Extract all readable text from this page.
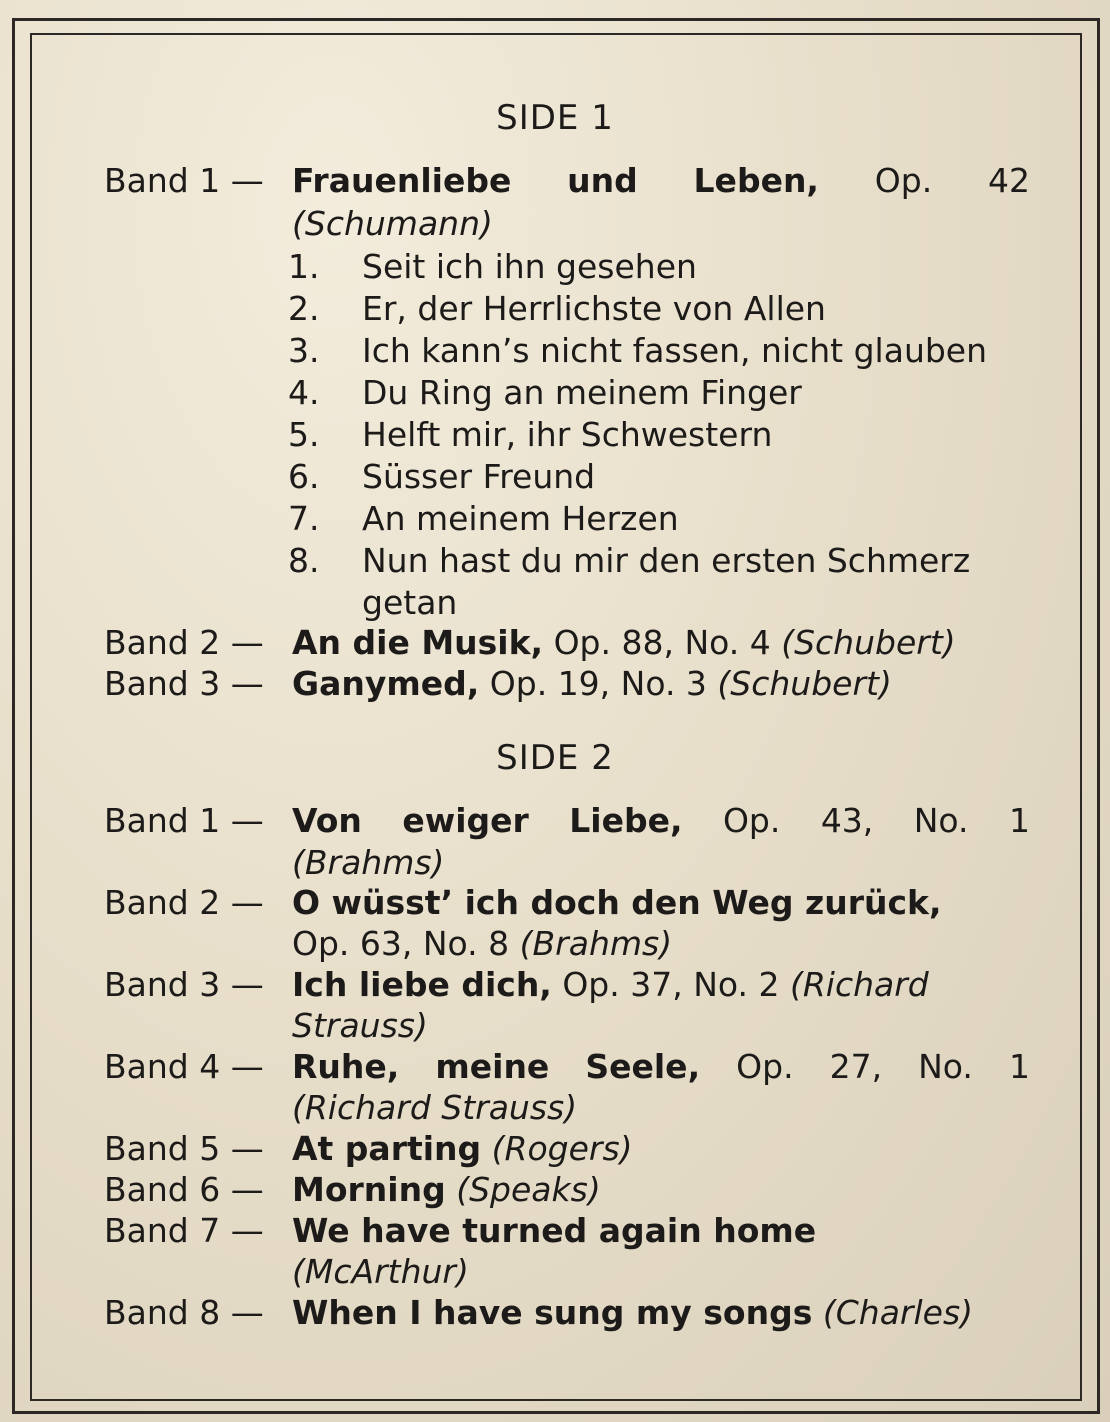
SIDE 1
Band 1 — Frauenliebe und Leben, Op. 42
(Schumann)
1. Seit ich ihn gesehen
2. Er, der Herrlichste von Allen
3. Ich kann’s nicht fassen, nicht glauben
4. Du Ring an meinem Finger
5. Helft mir, ihr Schwestern
6. Süsser Freund
7. An meinem Herzen
8. Nun hast du mir den ersten Schmerz
getan
Band 2 — An die Musik, Op. 88, No. 4 (Schubert)
Band 3 — Ganymed, Op. 19, No. 3 (Schubert)
SIDE 2
Band 1 — Von ewiger Liebe, Op. 43, No. 1
(Brahms)
Band 2 — O wüsst’ ich doch den Weg zurück,
Op. 63, No. 8 (Brahms)
Band 3 — Ich liebe dich, Op. 37, No. 2 (Richard
Strauss)
Band 4 — Ruhe, meine Seele, Op. 27, No. 1
(Richard Strauss)
Band 5 — At parting (Rogers)
Band 6 — Morning (Speaks)
Band 7 — We have turned again home
(McArthur)
Band 8 — When I have sung my songs (Charles)
